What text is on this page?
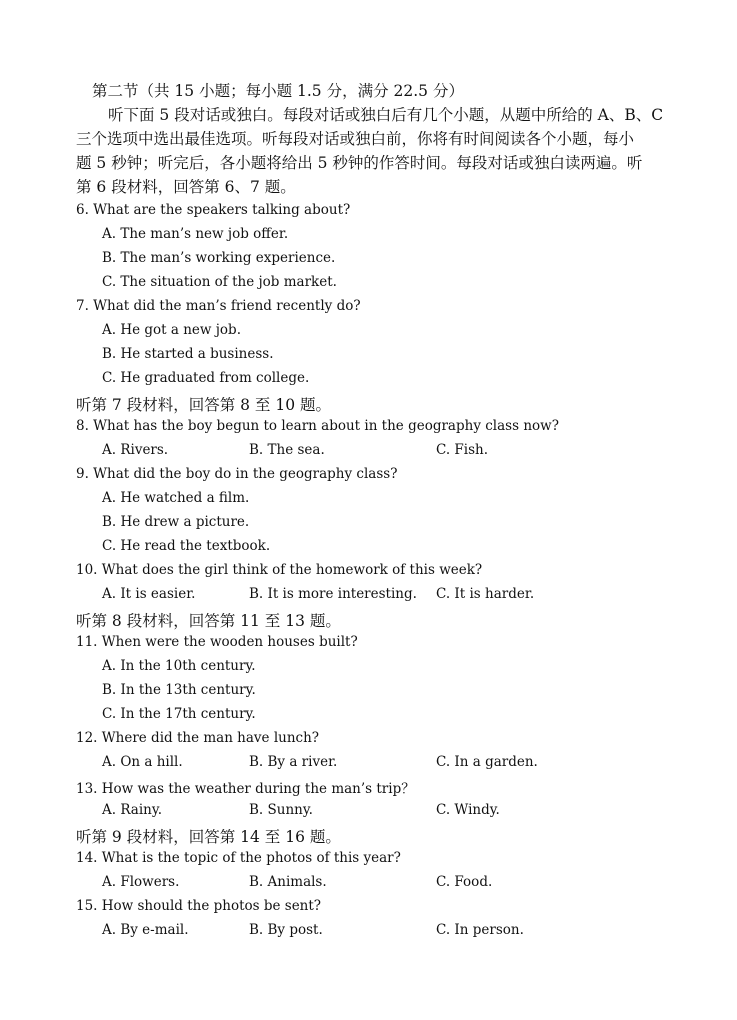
第二节（共 15 小题；每小题 1.5 分，满分 22.5 分）
听下面 5 段对话或独白。每段对话或独白后有几个小题，从题中所给的 A、B、C
三个选项中选出最佳选项。听每段对话或独白前，你将有时间阅读各个小题，每小
题 5 秒钟；听完后，各小题将给出 5 秒钟的作答时间。每段对话或独白读两遍。听
第 6 段材料，回答第 6、7 题。
6. What are the speakers talking about?
A. The man’s new job offer.
B. The man’s working experience.
C. The situation of the job market.
7. What did the man’s friend recently do?
A. He got a new job.
B. He started a business.
C. He graduated from college.
听第 7 段材料，回答第 8 至 10 题。
8. What has the boy begun to learn about in the geography class now?
A. Rivers.	B. The sea.	C. Fish.
9. What did the boy do in the geography class?
A. He watched a film.
B. He drew a picture.
C. He read the textbook.
10. What does the girl think of the homework of this week?
A. It is easier.	B. It is more interesting. C. It is harder.
听第 8 段材料，回答第 11 至 13 题。
11. When were the wooden houses built?
A. In the 10th century.
B. In the 13th century.
C. In the 17th century.
12. Where did the man have lunch?
A. On a hill.	B. By a river.	C. In a garden.
13. How was the weather during the man’s trip？
A. Rainy.	B. Sunny.	C. Windy.
听第 9 段材料，回答第 14 至 16 题。
14. What is the topic of the photos of this year?
A. Flowers.	B. Animals.	C. Food.
15. How should the photos be sent?
A. By e-mail.	B. By post.	C. In person.
